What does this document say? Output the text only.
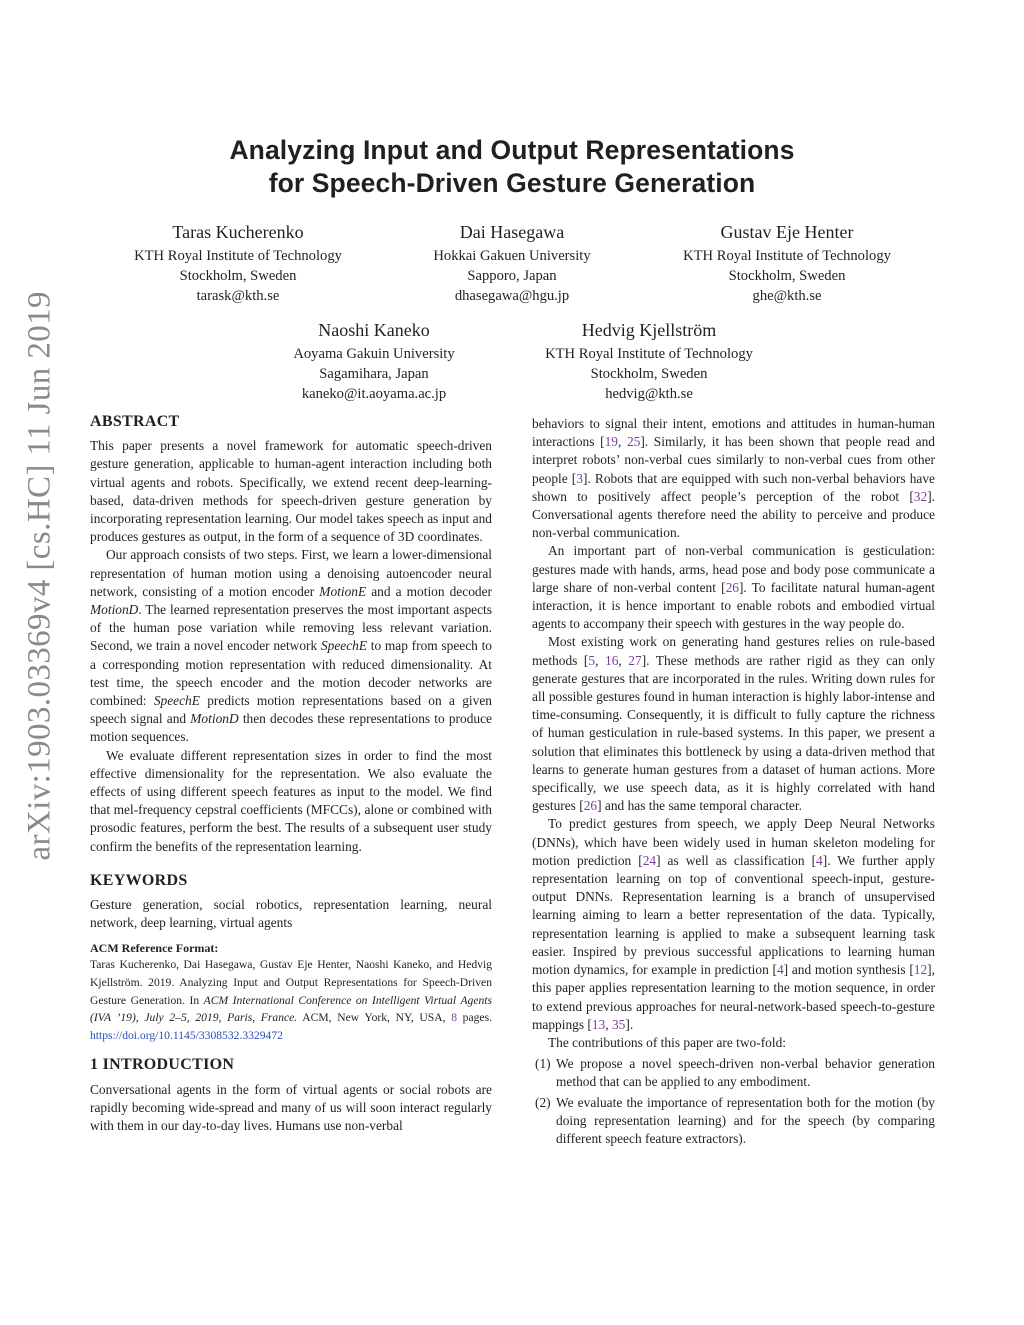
arXiv:1903.03369v4 [cs.HC] 11 Jun 2019
Analyzing Input and Output Representations
for Speech-Driven Gesture Generation
Taras Kucherenko
KTH Royal Institute of Technology
Stockholm, Sweden
tarask@kth.se
Dai Hasegawa
Hokkai Gakuen University
Sapporo, Japan
dhasegawa@hgu.jp
Gustav Eje Henter
KTH Royal Institute of Technology
Stockholm, Sweden
ghe@kth.se
Naoshi Kaneko
Aoyama Gakuin University
Sagamihara, Japan
kaneko@it.aoyama.ac.jp
Hedvig Kjellström
KTH Royal Institute of Technology
Stockholm, Sweden
hedvig@kth.se
ABSTRACT

This paper presents a novel framework for automatic speech-driven gesture generation, applicable to human-agent interaction including both virtual agents and robots. Specifically, we extend recent deep-learning-based, data-driven methods for speech-driven gesture generation by incorporating representation learning. Our model takes speech as input and produces gestures as output, in the form of a sequence of 3D coordinates.

Our approach consists of two steps. First, we learn a lower-dimensional representation of human motion using a denoising autoencoder neural network, consisting of a motion encoder MotionE and a motion decoder MotionD. The learned representation preserves the most important aspects of the human pose variation while removing less relevant variation. Second, we train a novel encoder network SpeechE to map from speech to a corresponding motion representation with reduced dimensionality. At test time, the speech encoder and the motion decoder networks are combined: SpeechE predicts motion representations based on a given speech signal and MotionD then decodes these representations to produce motion sequences.

We evaluate different representation sizes in order to find the most effective dimensionality for the representation. We also evaluate the effects of using different speech features as input to the model. We find that mel-frequency cepstral coefficients (MFCCs), alone or combined with prosodic features, perform the best. The results of a subsequent user study confirm the benefits of the representation learning.

KEYWORDS

Gesture generation, social robotics, representation learning, neural network, deep learning, virtual agents

ACM Reference Format:
Taras Kucherenko, Dai Hasegawa, Gustav Eje Henter, Naoshi Kaneko, and Hedvig Kjellström. 2019. Analyzing Input and Output Representations for Speech-Driven Gesture Generation. In ACM International Conference on Intelligent Virtual Agents (IVA ’19), July 2–5, 2019, Paris, France. ACM, New York, NY, USA, 8 pages. https://doi.org/10.1145/3308532.3329472
1 INTRODUCTION

Conversational agents in the form of virtual agents or social robots are rapidly becoming wide-spread and many of us will soon interact regularly with them in our day-to-day lives. Humans use non-verbal

behaviors to signal their intent, emotions and attitudes in human-human interactions [19, 25]. Similarly, it has been shown that people read and interpret robots’ non-verbal cues similarly to non-verbal cues from other people [3]. Robots that are equipped with such non-verbal behaviors have shown to positively affect people’s perception of the robot [32]. Conversational agents therefore need the ability to perceive and produce non-verbal communication.

An important part of non-verbal communication is gesticulation: gestures made with hands, arms, head pose and body pose communicate a large share of non-verbal content [26]. To facilitate natural human-agent interaction, it is hence important to enable robots and embodied virtual agents to accompany their speech with gestures in the way people do.

Most existing work on generating hand gestures relies on rule-based methods [5, 16, 27]. These methods are rather rigid as they can only generate gestures that are incorporated in the rules. Writing down rules for all possible gestures found in human interaction is highly labor-intense and time-consuming. Consequently, it is difficult to fully capture the richness of human gesticulation in rule-based systems. In this paper, we present a solution that eliminates this bottleneck by using a data-driven method that learns to generate human gestures from a dataset of human actions. More specifically, we use speech data, as it is highly correlated with hand gestures [26] and has the same temporal character.

To predict gestures from speech, we apply Deep Neural Networks (DNNs), which have been widely used in human skeleton modeling for motion prediction [24] as well as classification [4]. We further apply representation learning on top of conventional speech-input, gesture-output DNNs. Representation learning is a branch of unsupervised learning aiming to learn a better representation of the data. Typically, representation learning is applied to make a subsequent learning task easier. Inspired by previous successful applications to learning human motion dynamics, for example in prediction [4] and motion synthesis [12], this paper applies representation learning to the motion sequence, in order to extend previous approaches for neural-network-based speech-to-gesture mappings [13, 35].

The contributions of this paper are two-fold:

(1) We propose a novel speech-driven non-verbal behavior generation method that can be applied to any embodiment.
(2) We evaluate the importance of representation both for the motion (by doing representation learning) and for the speech (by comparing different speech feature extractors).
